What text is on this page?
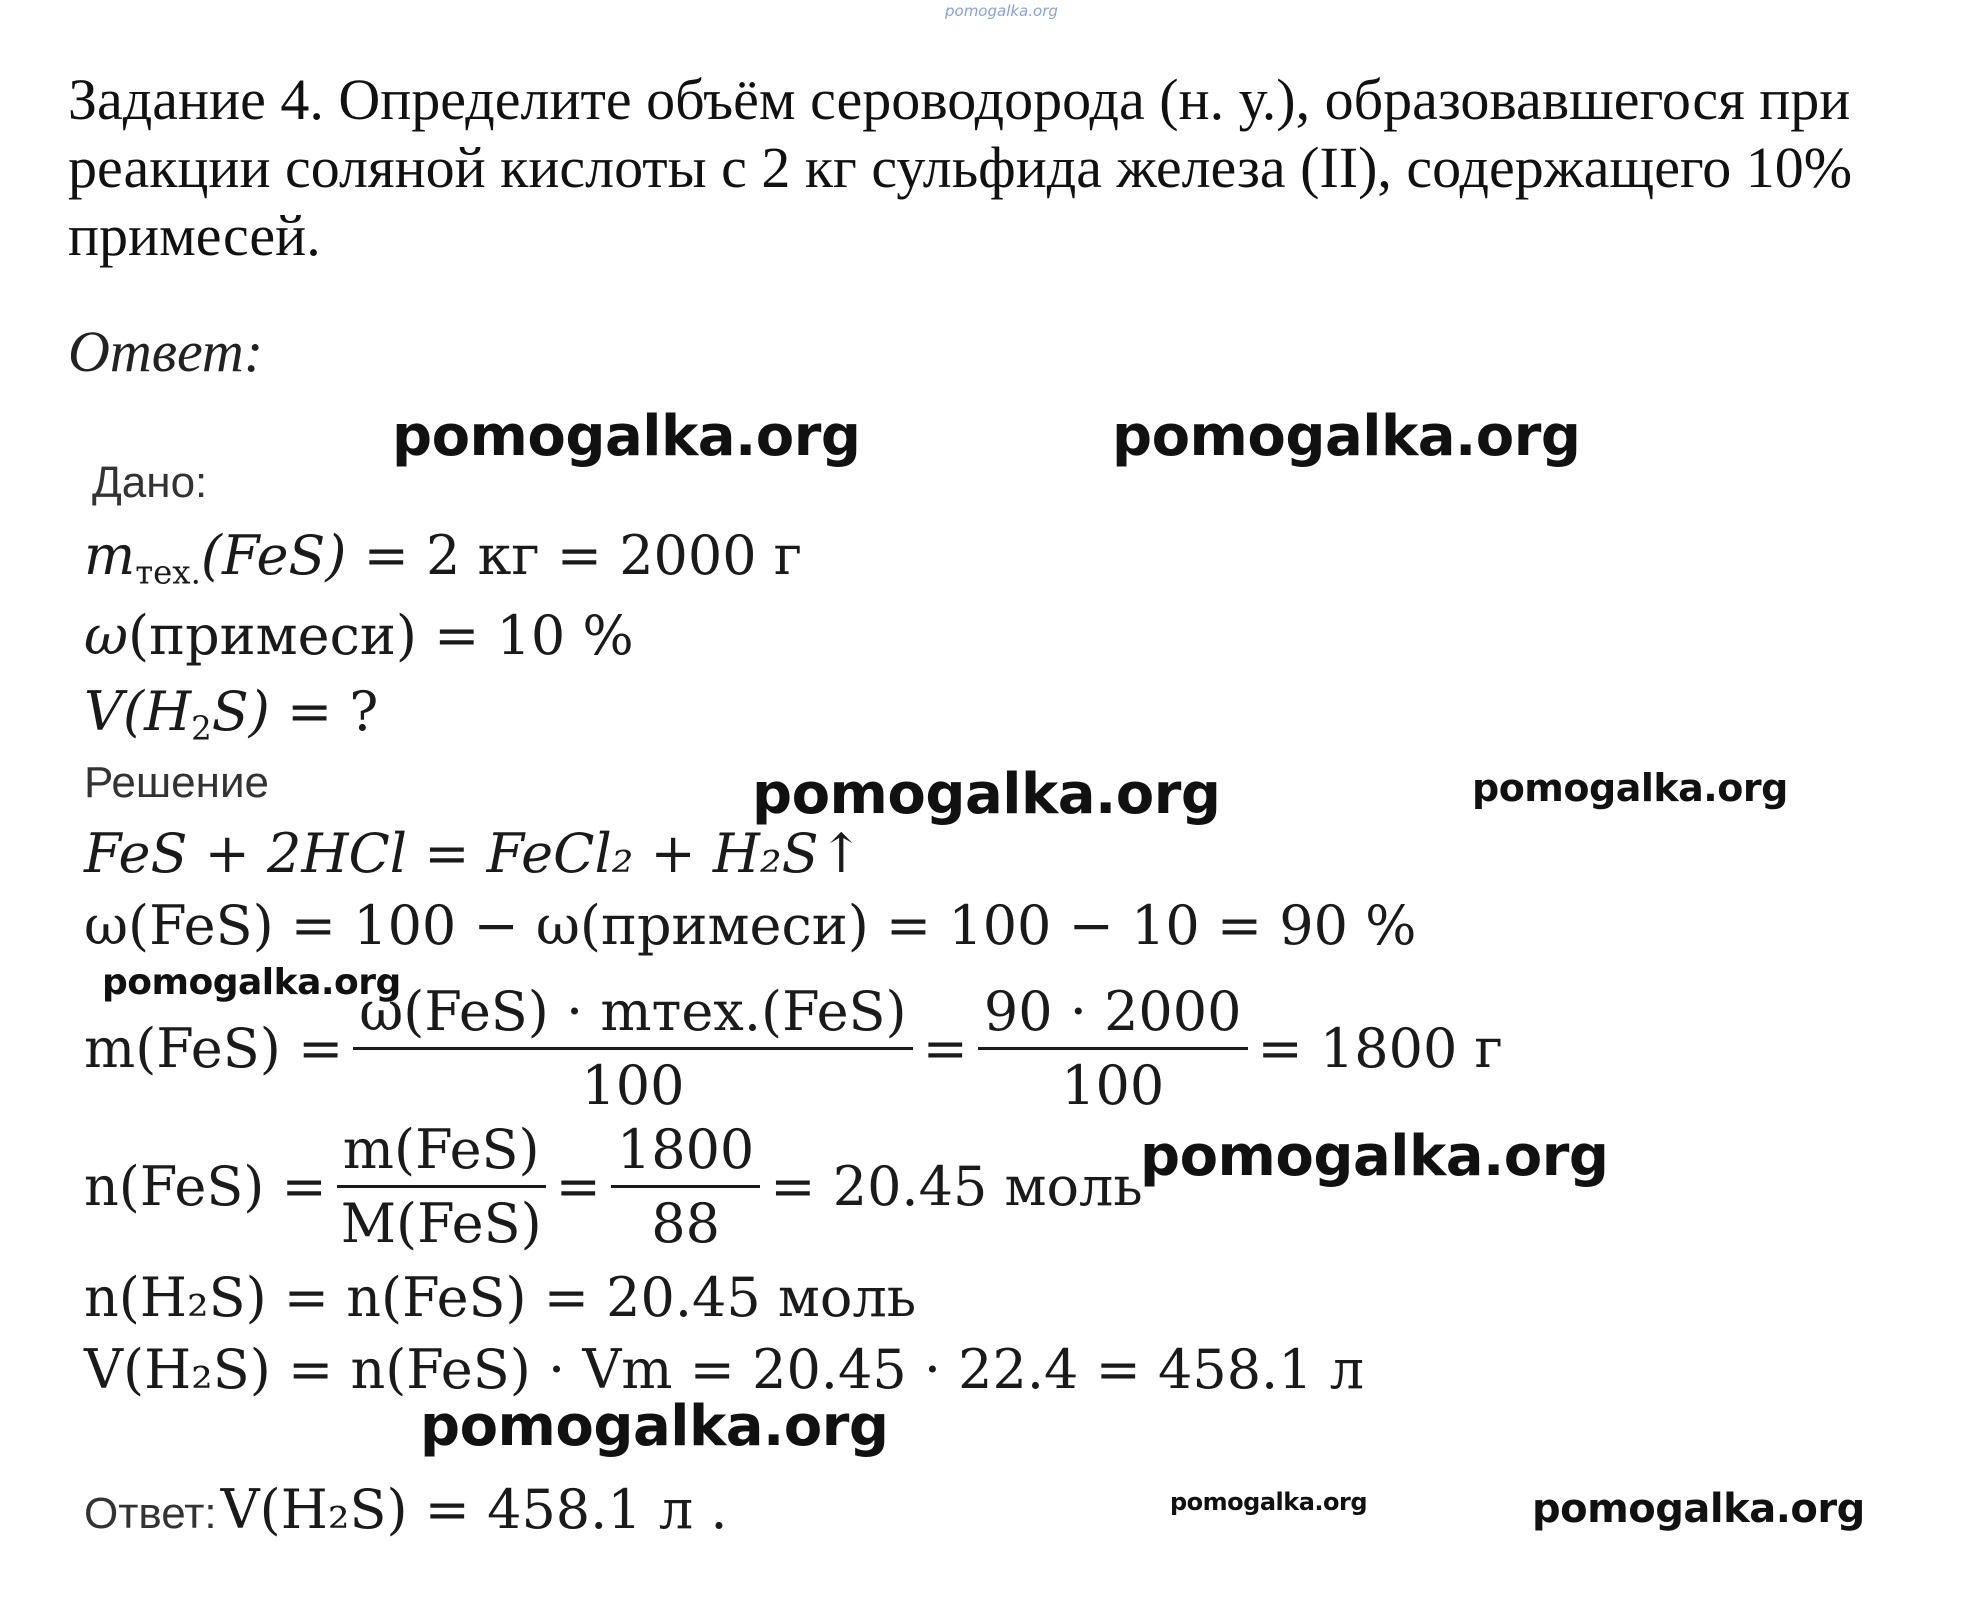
pomogalka.org
Задание 4. Определите объём сероводорода (н. у.), образовавшегося при
реакции соляной кислоты с 2 кг сульфида железа (II), содержащего 10%
примесей.
Ответ:
Дано:
$m_{тех.}(FeS) = 2$ кг = 2000 г
ω(примеси) = 10 %
$V(H_2S)$ = ?
Решение
FeS + 2HCl = FeCl₂ + H₂S↑
ω(FeS) = 100 − ω(примеси) = 100 − 10 = 90 %
$m(FeS) = \frac{\text{ω(FeS) · mтех.(FeS)}}{100} = \frac{90 \cdot 2000}{100} = 1800$ г
$n(FeS) = \frac{\text{m(FeS)}}{\text{M(FeS)}} = \frac{1800}{88} = 20.45$ моль
n(H₂S) = n(FeS) = 20.45 моль
V(H₂S) = n(FeS) · Vm = 20.45 · 22.4 = 458.1 л
Ответ: V(H₂S) = 458.1 л .
pomogalka.org	pomogalka.org
pomogalka.org	pomogalka.org
pomogalka.org
pomogalka.org
pomogalka.org
pomogalka.org	pomogalka.org
